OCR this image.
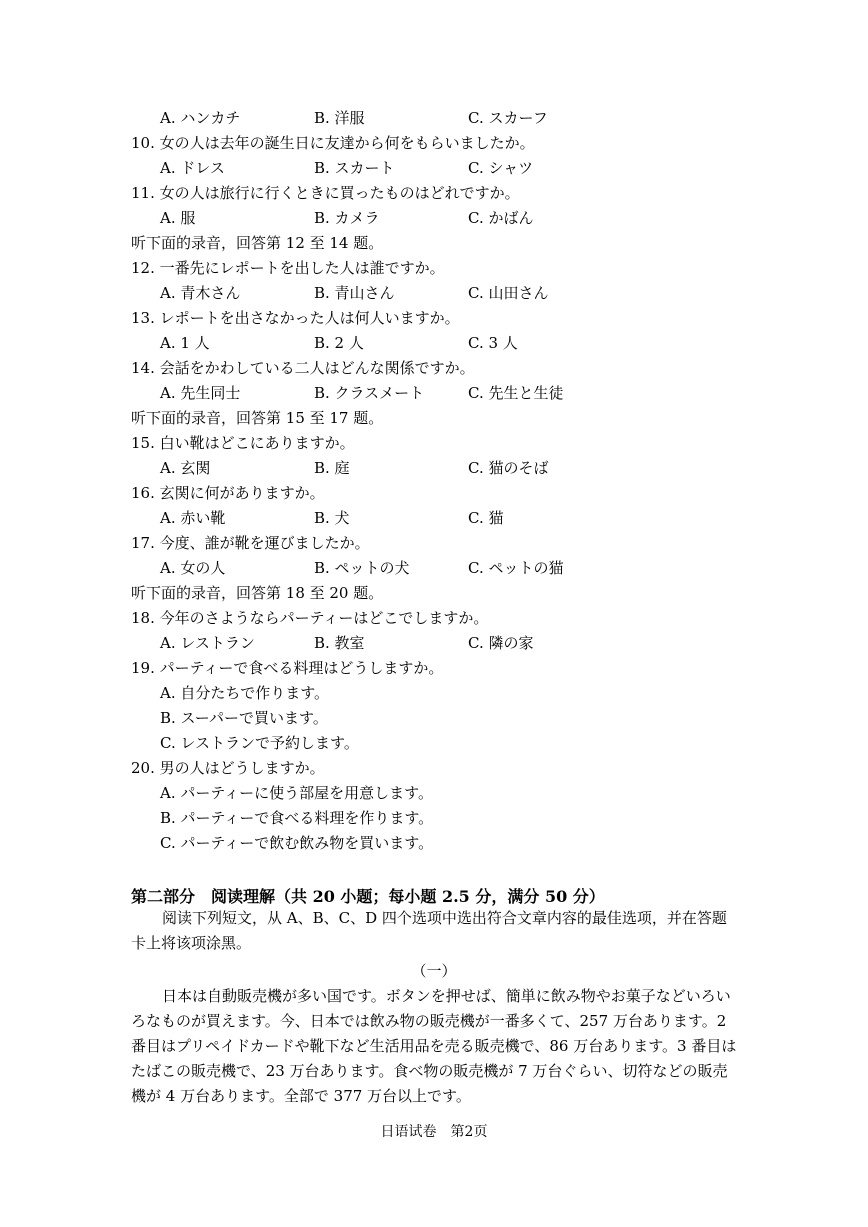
A. ハンカチ	B. 洋服	C. スカーフ
10. 女の人は去年の誕生日に友達から何をもらいましたか。
A. ドレス	B. スカート	C. シャツ
11. 女の人は旅行に行くときに買ったものはどれですか。
A. 服	B. カメラ	C. かばん
听下面的录音，回答第 12 至 14 题。
12. 一番先にレポートを出した人は誰ですか。
A. 青木さん	B. 青山さん	C. 山田さん
13. レポートを出さなかった人は何人いますか。
A. 1 人	B. 2 人	C. 3 人
14. 会話をかわしている二人はどんな関係ですか。
A. 先生同士	B. クラスメート	C. 先生と生徒
听下面的录音，回答第 15 至 17 题。
15. 白い靴はどこにありますか。
A. 玄関	B. 庭	C. 猫のそば
16. 玄関に何がありますか。
A. 赤い靴	B. 犬	C. 猫
17. 今度、誰が靴を運びましたか。
A. 女の人	B. ペットの犬	C. ペットの猫
听下面的录音，回答第 18 至 20 题。
18. 今年のさようならパーティーはどこでしますか。
A. レストラン	B. 教室	C. 隣の家
19. パーティーで食べる料理はどうしますか。
A. 自分たちで作ります。
B. スーパーで買います。
C. レストランで予約します。
20. 男の人はどうしますか。
A. パーティーに使う部屋を用意します。
B. パーティーで食べる料理を作ります。
C. パーティーで飲む飲み物を買います。
第二部分　阅读理解（共 20 小题；每小题 2.5 分，满分 50 分）
阅读下列短文，从 A、B、C、D 四个选项中选出符合文章内容的最佳选项，并在答题卡上将该项涂黑。
（一）
日本は自動販売機が多い国です。ボタンを押せば、簡単に飲み物やお菓子などいろいろなものが買えます。今、日本では飲み物の販売機が一番多くて、257 万台あります。2番目はプリペイドカードや靴下など生活用品を売る販売機で、86 万台あります。3 番目はたばこの販売機で、23 万台あります。食べ物の販売機が 7 万台ぐらい、切符などの販売機が 4 万台あります。全部で 377 万台以上です。
日语试卷　第2页
